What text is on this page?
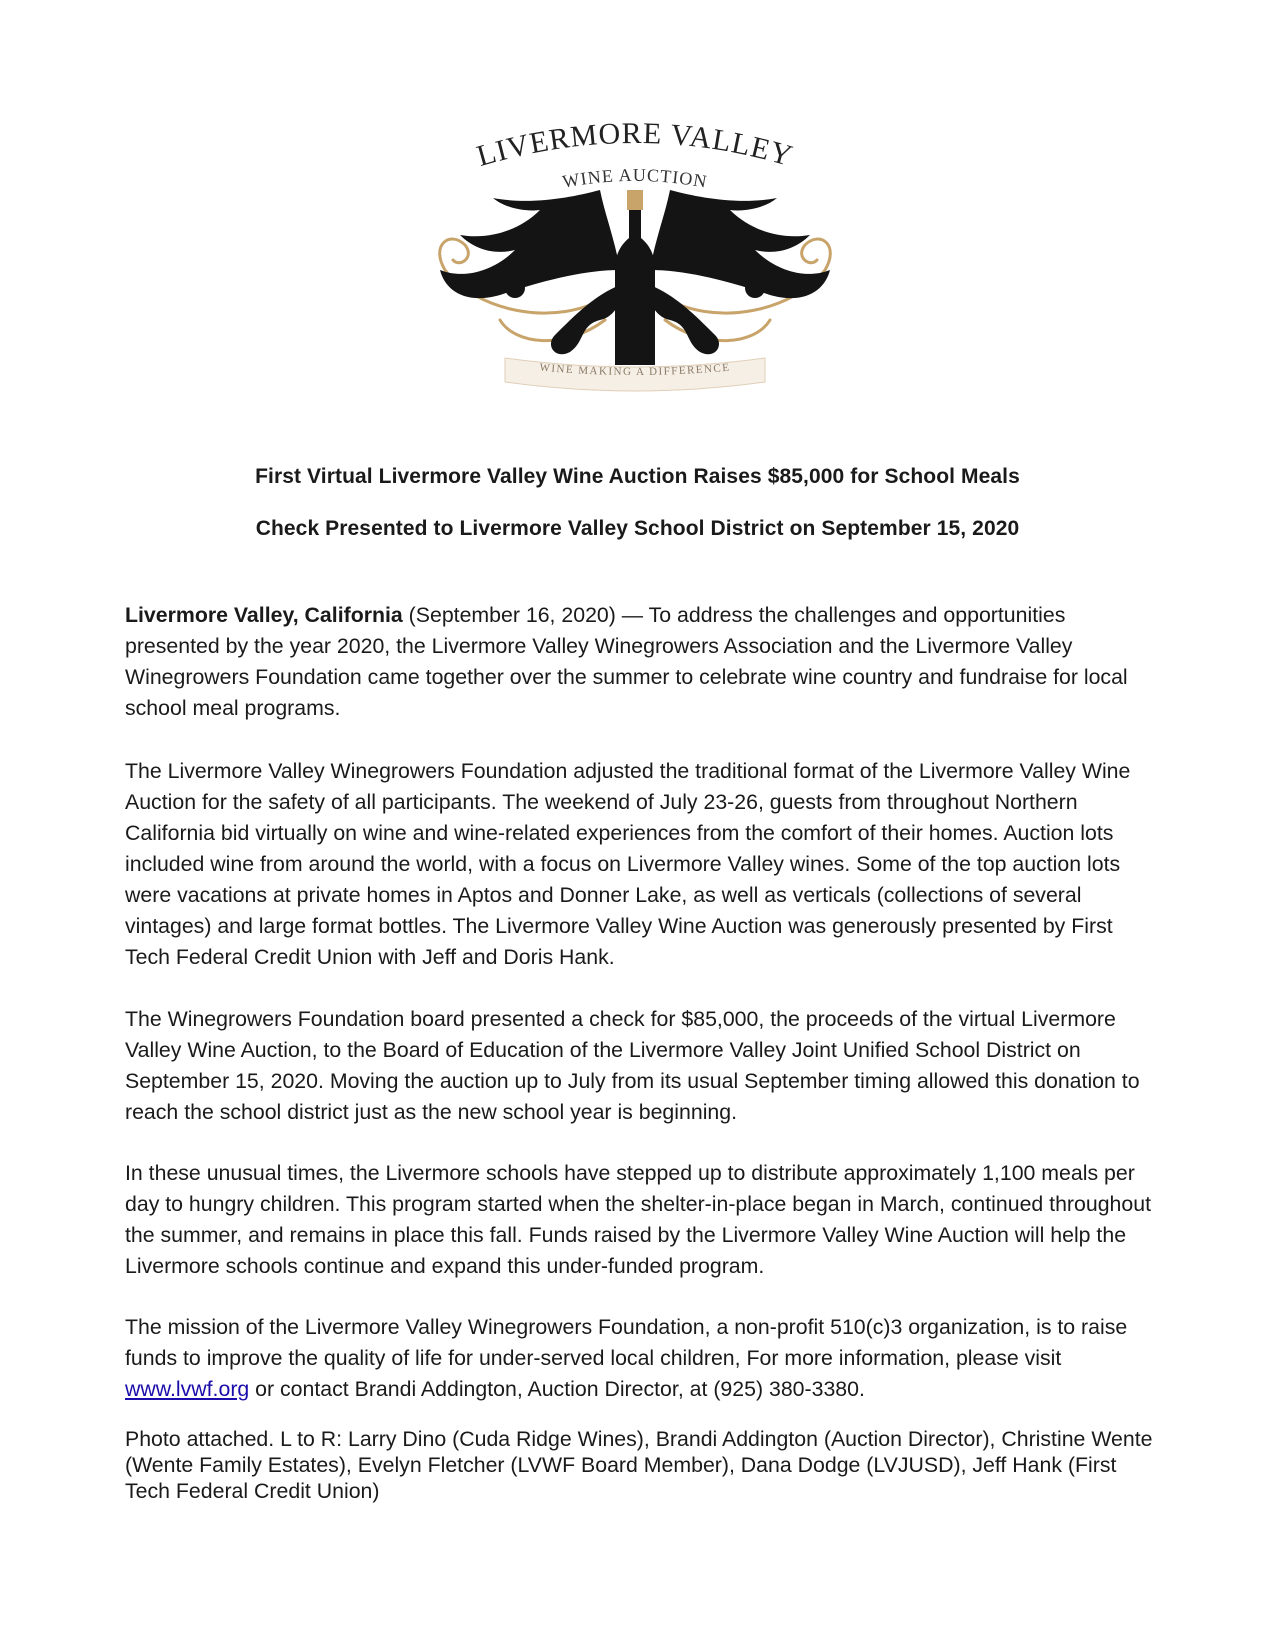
LIVERMORE VALLEY
WINE AUCTION
WINE MAKING A DIFFERENCE
First Virtual Livermore Valley Wine Auction Raises $85,000 for School Meals
Check Presented to Livermore Valley School District on September 15, 2020

Livermore Valley, California (September 16, 2020) — To address the challenges and opportunities presented by the year 2020, the Livermore Valley Winegrowers Association and the Livermore Valley Winegrowers Foundation came together over the summer to celebrate wine country and fundraise for local school meal programs.

The Livermore Valley Winegrowers Foundation adjusted the traditional format of the Livermore Valley Wine Auction for the safety of all participants. The weekend of July 23-26, guests from throughout Northern California bid virtually on wine and wine-related experiences from the comfort of their homes. Auction lots included wine from around the world, with a focus on Livermore Valley wines. Some of the top auction lots were vacations at private homes in Aptos and Donner Lake, as well as verticals (collections of several vintages) and large format bottles. The Livermore Valley Wine Auction was generously presented by First Tech Federal Credit Union with Jeff and Doris Hank.

The Winegrowers Foundation board presented a check for $85,000, the proceeds of the virtual Livermore Valley Wine Auction, to the Board of Education of the Livermore Valley Joint Unified School District on September 15, 2020. Moving the auction up to July from its usual September timing allowed this donation to reach the school district just as the new school year is beginning.

In these unusual times, the Livermore schools have stepped up to distribute approximately 1,100 meals per day to hungry children. This program started when the shelter-in-place began in March, continued throughout the summer, and remains in place this fall. Funds raised by the Livermore Valley Wine Auction will help the Livermore schools continue and expand this under-funded program.

The mission of the Livermore Valley Winegrowers Foundation, a non-profit 510(c)3 organization, is to raise funds to improve the quality of life for under-served local children, For more information, please visit www.lvwf.org or contact Brandi Addington, Auction Director, at (925) 380-3380.

Photo attached. L to R: Larry Dino (Cuda Ridge Wines), Brandi Addington (Auction Director), Christine Wente (Wente Family Estates), Evelyn Fletcher (LVWF Board Member), Dana Dodge (LVJUSD), Jeff Hank (First Tech Federal Credit Union)
